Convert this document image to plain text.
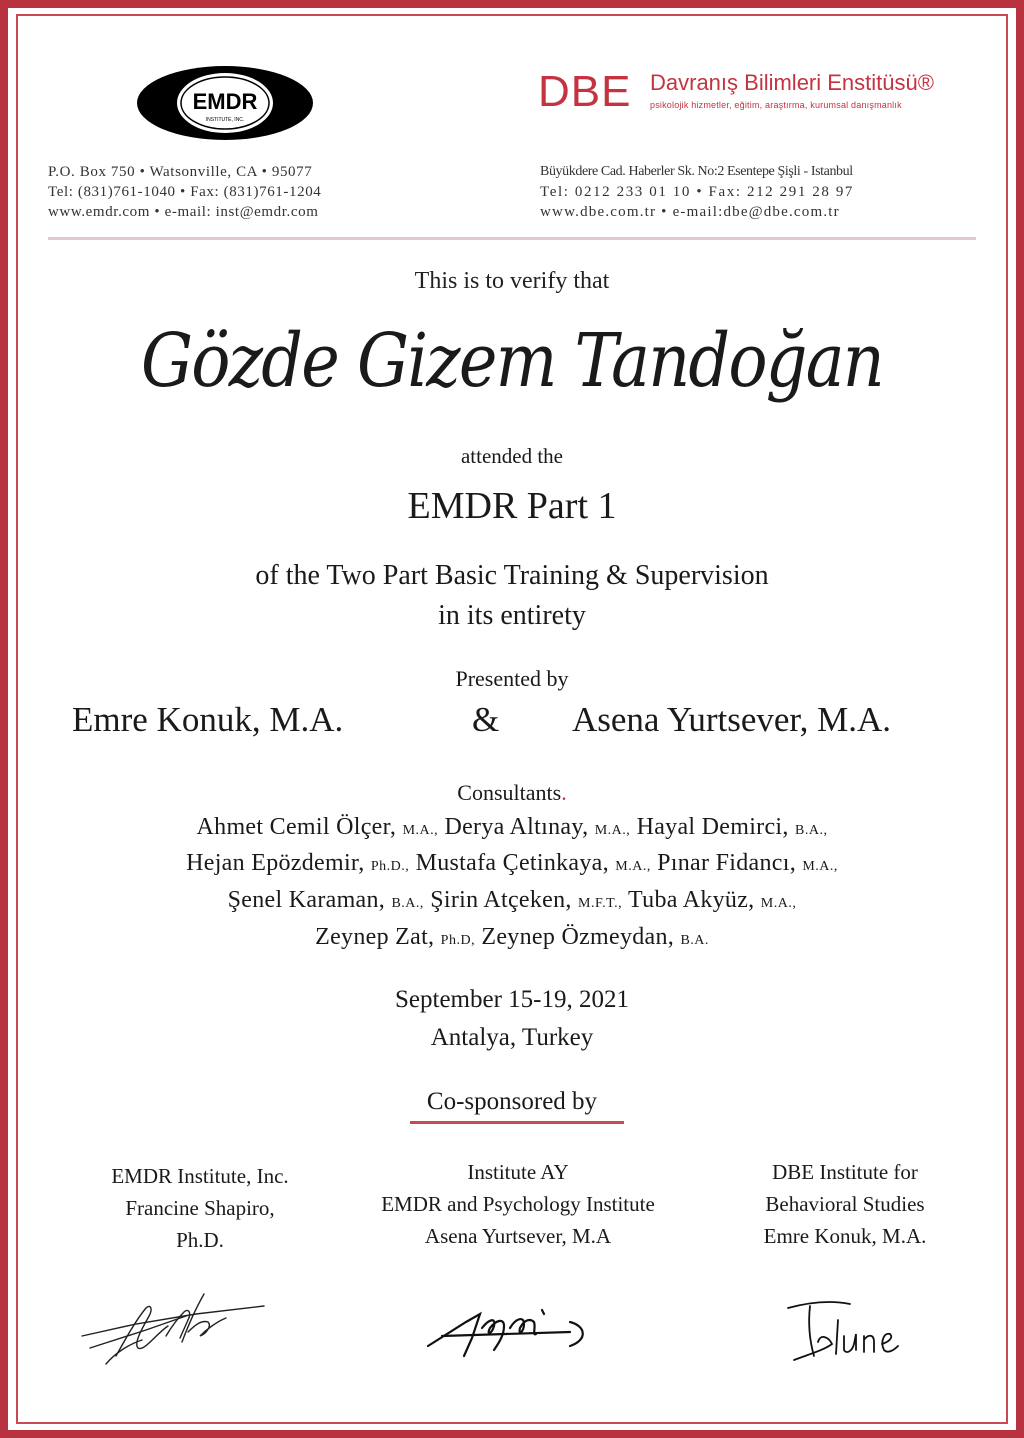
EMDR
INSTITUTE, INC.
DBE Davranış Bilimleri Enstitüsü®
psikolojik hizmetler, eğitim, araştırma, kurumsal danışmanlık
P.O. Box 750 • Watsonville, CA • 95077
Tel: (831)761-1040 • Fax: (831)761-1204
www.emdr.com • e-mail: inst@emdr.com
Büyükdere Cad. Haberler Sk. No:2 Esentepe Şişli - Istanbul
Tel: 0212 233 01 10 • Fax: 212 291 28 97
www.dbe.com.tr • e-mail:dbe@dbe.com.tr
This is to verify that
Gözde Gizem Tandoğan
attended the
EMDR Part 1
of the Two Part Basic Training & Supervision
in its entirety
Presented by
Emre Konuk, M.A.	& Asena Yurtsever, M.A.
Consultants.
Ahmet Cemil Ölçer, M.A., Derya Altınay, M.A., Hayal Demirci, B.A.,
Hejan Epözdemir, Ph.D., Mustafa Çetinkaya, M.A., Pınar Fidancı, M.A.,
Şenel Karaman, B.A., Şirin Atçeken, M.F.T., Tuba Akyüz, M.A.,
Zeynep Zat, Ph.D, Zeynep Özmeydan, B.A.
September 15-19, 2021
Antalya, Turkey
Co-sponsored by
EMDR Institute, Inc.
Francine Shapiro,
Ph.D.
Institute AY
EMDR and Psychology Institute
Asena Yurtsever, M.A
DBE Institute for
Behavioral Studies
Emre Konuk, M.A.
